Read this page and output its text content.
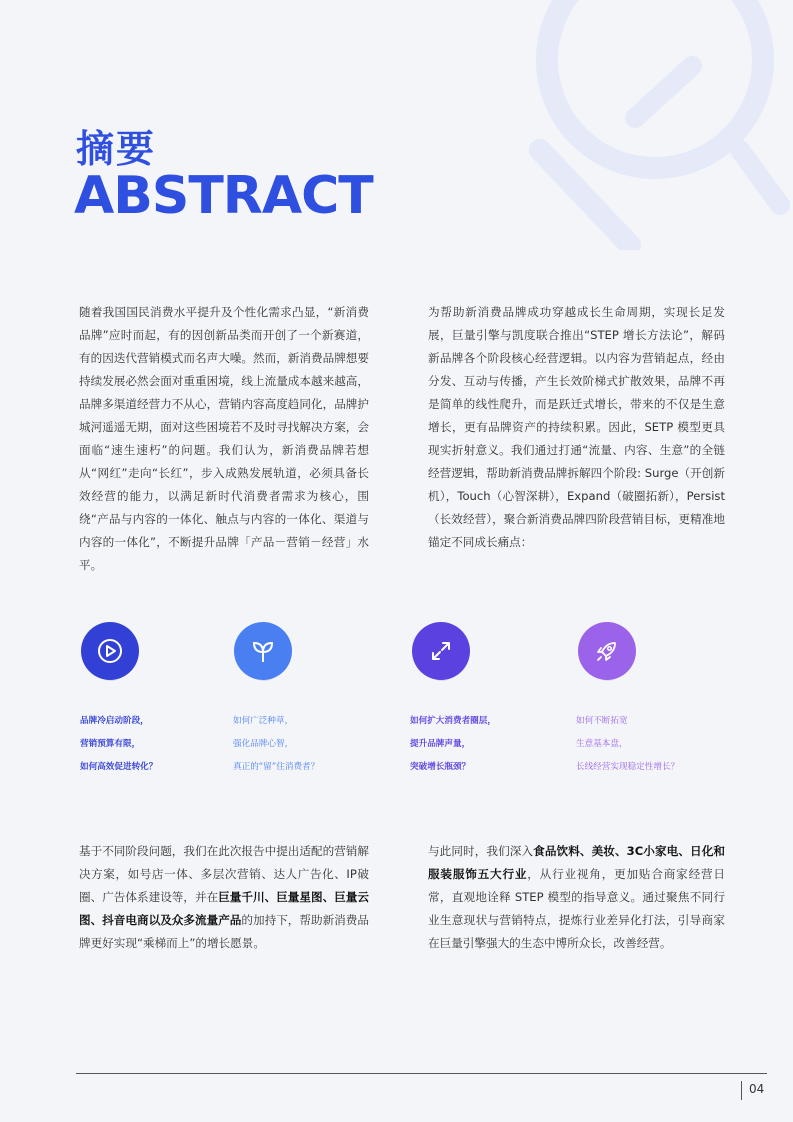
摘要
ABSTRACT
随着我国国民消费水平提升及个性化需求凸显，“新消费品牌”应时而起，有的因创新品类而开创了一个新赛道，有的因迭代营销模式而名声大噪。然而，新消费品牌想要持续发展必然会面对重重困境，线上流量成本越来越高，品牌多渠道经营力不从心，营销内容高度趋同化，品牌护城河遥遥无期，面对这些困境若不及时寻找解决方案，会面临“速生速朽”的问题。我们认为，新消费品牌若想从“网红”走向“长红”，步入成熟发展轨道，必须具备长效经营的能力，以满足新时代消费者需求为核心，围绕“产品与内容的一体化、触点与内容的一体化、渠道与内容的一体化”，不断提升品牌「产品－营销－经营」水平。
为帮助新消费品牌成功穿越成长生命周期，实现长足发展，巨量引擎与凯度联合推出“STEP 增长方法论”，解码新品牌各个阶段核心经营逻辑。以内容为营销起点，经由分发、互动与传播，产生长效阶梯式扩散效果，品牌不再是简单的线性爬升，而是跃迁式增长，带来的不仅是生意增长，更有品牌资产的持续积累。因此，SETP 模型更具现实折射意义。我们通过打通“流量、内容、生意”的全链经营逻辑，帮助新消费品牌拆解四个阶段: Surge（开创新机），Touch（心智深耕），Expand（破圈拓新），Persist（长效经营），聚合新消费品牌四阶段营销目标，更精准地锚定不同成长痛点：
品牌冷启动阶段，
营销预算有限，
如何高效促进转化？
如何广泛种草，
强化品牌心智，
真正的“留”住消费者？
如何扩大消费者圈层，
提升品牌声量，
突破增长瓶颈？
如何不断拓宽
生意基本盘，
长线经营实现稳定性增长？
基于不同阶段问题，我们在此次报告中提出适配的营销解决方案，如号店一体、多层次营销、达人广告化、IP破圈、广告体系建设等，并在巨量千川、巨量星图、巨量云图、抖音电商以及众多流量产品的加持下，帮助新消费品牌更好实现“乘梯而上”的增长愿景。
与此同时，我们深入食品饮料、美妆、3C小家电、日化和服装服饰五大行业，从行业视角，更加贴合商家经营日常，直观地诠释 STEP 模型的指导意义。通过聚焦不同行业生意现状与营销特点，提炼行业差异化打法，引导商家在巨量引擎强大的生态中博所众长，改善经营。
04
